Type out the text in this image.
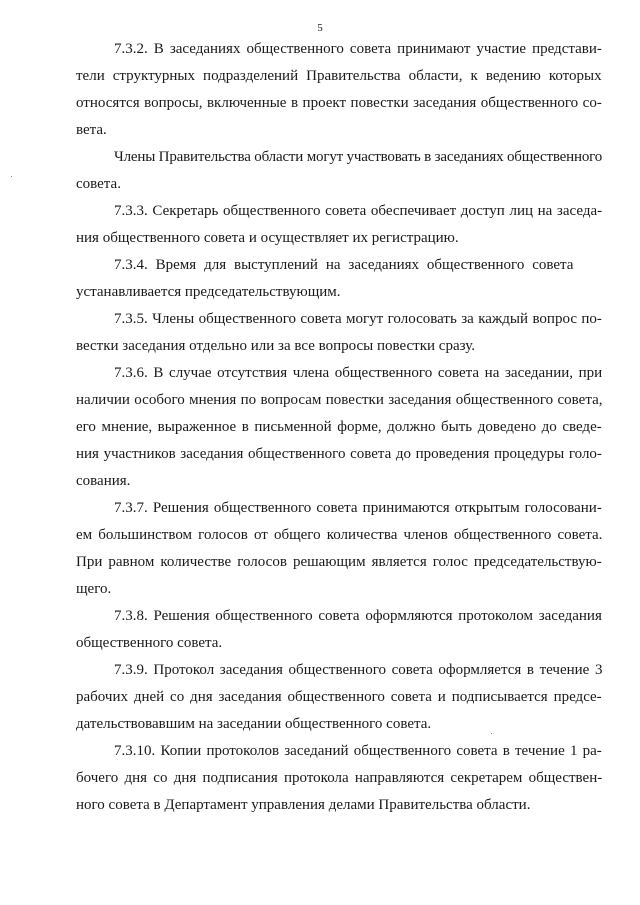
5
7.3.2. В заседаниях общественного совета принимают участие представи-
тели структурных подразделений Правительства области, к ведению которых
относятся вопросы, включенные в проект повестки заседания общественного со-
вета.
Члены Правительства области могут участвовать в заседаниях общественного
совета.
7.3.3. Секретарь общественного совета обеспечивает доступ лиц на заседа-
ния общественного совета и осуществляет их регистрацию.
7.3.4. Время для выступлений на заседаниях общественного совета
устанавливается председательствующим.
7.3.5. Члены общественного совета могут голосовать за каждый вопрос по-
вестки заседания отдельно или за все вопросы повестки сразу.
7.3.6. В случае отсутствия члена общественного совета на заседании, при
наличии особого мнения по вопросам повестки заседания общественного совета,
его мнение, выраженное в письменной форме, должно быть доведено до сведе-
ния участников заседания общественного совета до проведения процедуры голо-
сования.
7.3.7. Решения общественного совета принимаются открытым голосовани-
ем большинством голосов от общего количества членов общественного совета.
При равном количестве голосов решающим является голос председательствую-
щего.
7.3.8. Решения общественного совета оформляются протоколом заседания
общественного совета.
7.3.9. Протокол заседания общественного совета оформляется в течение 3
рабочих дней со дня заседания общественного совета и подписывается предсе-
дательствовавшим на заседании общественного совета.
7.3.10. Копии протоколов заседаний общественного совета в течение 1 ра-
бочего дня со дня подписания протокола направляются секретарем обществен-
ного совета в Департамент управления делами Правительства области.
